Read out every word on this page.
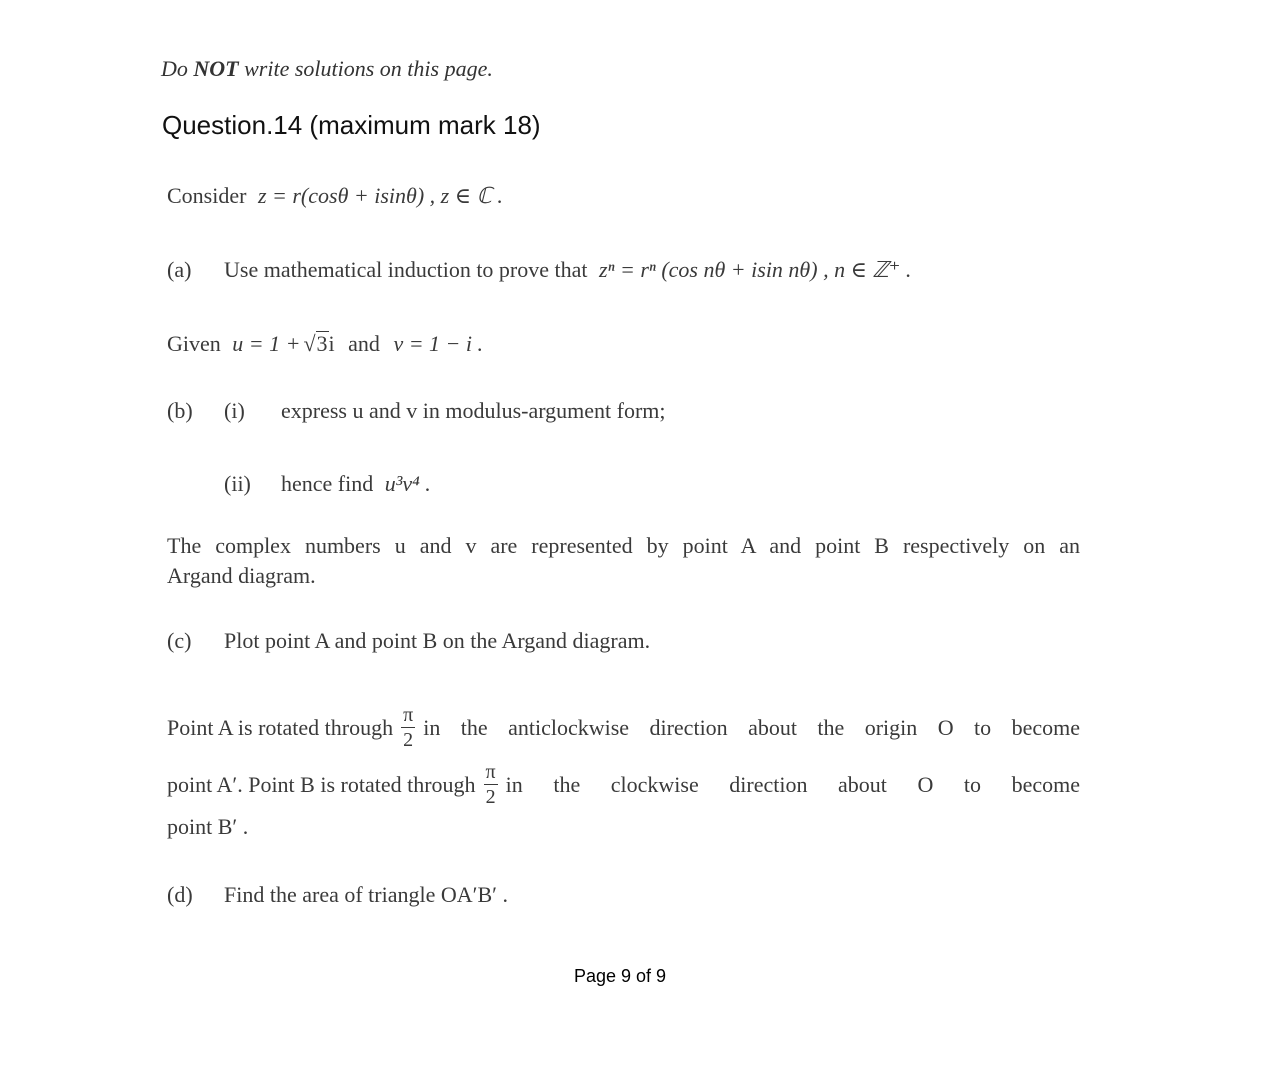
Do NOT write solutions on this page.
Question.14 (maximum mark 18)
Consider z = r(cosθ + isinθ) , z ∈ ℂ .
(a) Use mathematical induction to prove that zⁿ = rⁿ (cos nθ + isin nθ) , n ∈ ℤ⁺ .
Given u = 1 + √3i and v = 1 − i .
(b) (i) express u and v in modulus-argument form;
(ii) hence find u³v⁴ .
The complex numbers u and v are represented by point A and point B respectively on an
Argand diagram.
(c) Plot point A and point B on the Argand diagram.
Point A is rotated through $\frac{\pi}{2}$ in the anticlockwise direction about the origin O to become
point A′. Point B is rotated through $\frac{\pi}{2}$ in the clockwise direction about O to become
point B′ .
(d) Find the area of triangle OA′B′ .
Page 9 of 9
